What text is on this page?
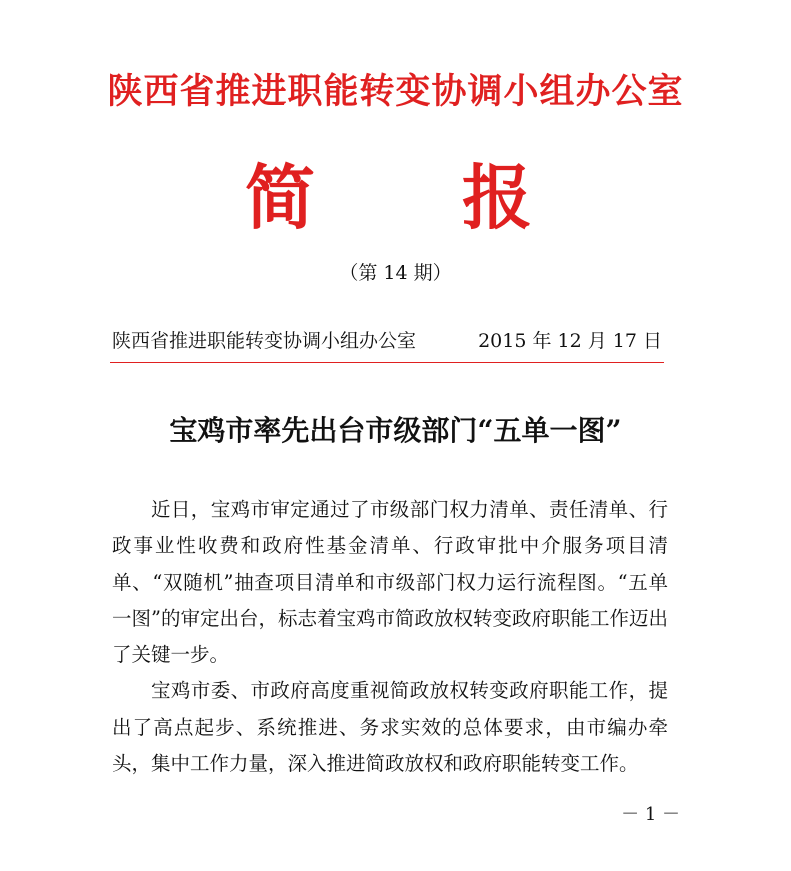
陕西省推进职能转变协调小组办公室
简 报
（第 14 期）
陕西省推进职能转变协调小组办公室	2015 年 12 月 17 日
宝鸡市率先出台市级部门“五单一图”

近日，宝鸡市审定通过了市级部门权力清单、责任清单、行政事业性收费和政府性基金清单、行政审批中介服务项目清单、“双随机”抽查项目清单和市级部门权力运行流程图。“五单一图”的审定出台，标志着宝鸡市简政放权转变政府职能工作迈出了关键一步。

宝鸡市委、市政府高度重视简政放权转变政府职能工作，提出了高点起步、系统推进、务求实效的总体要求，由市编办牵头，集中工作力量，深入推进简政放权和政府职能转变工作。

－ 1 －
